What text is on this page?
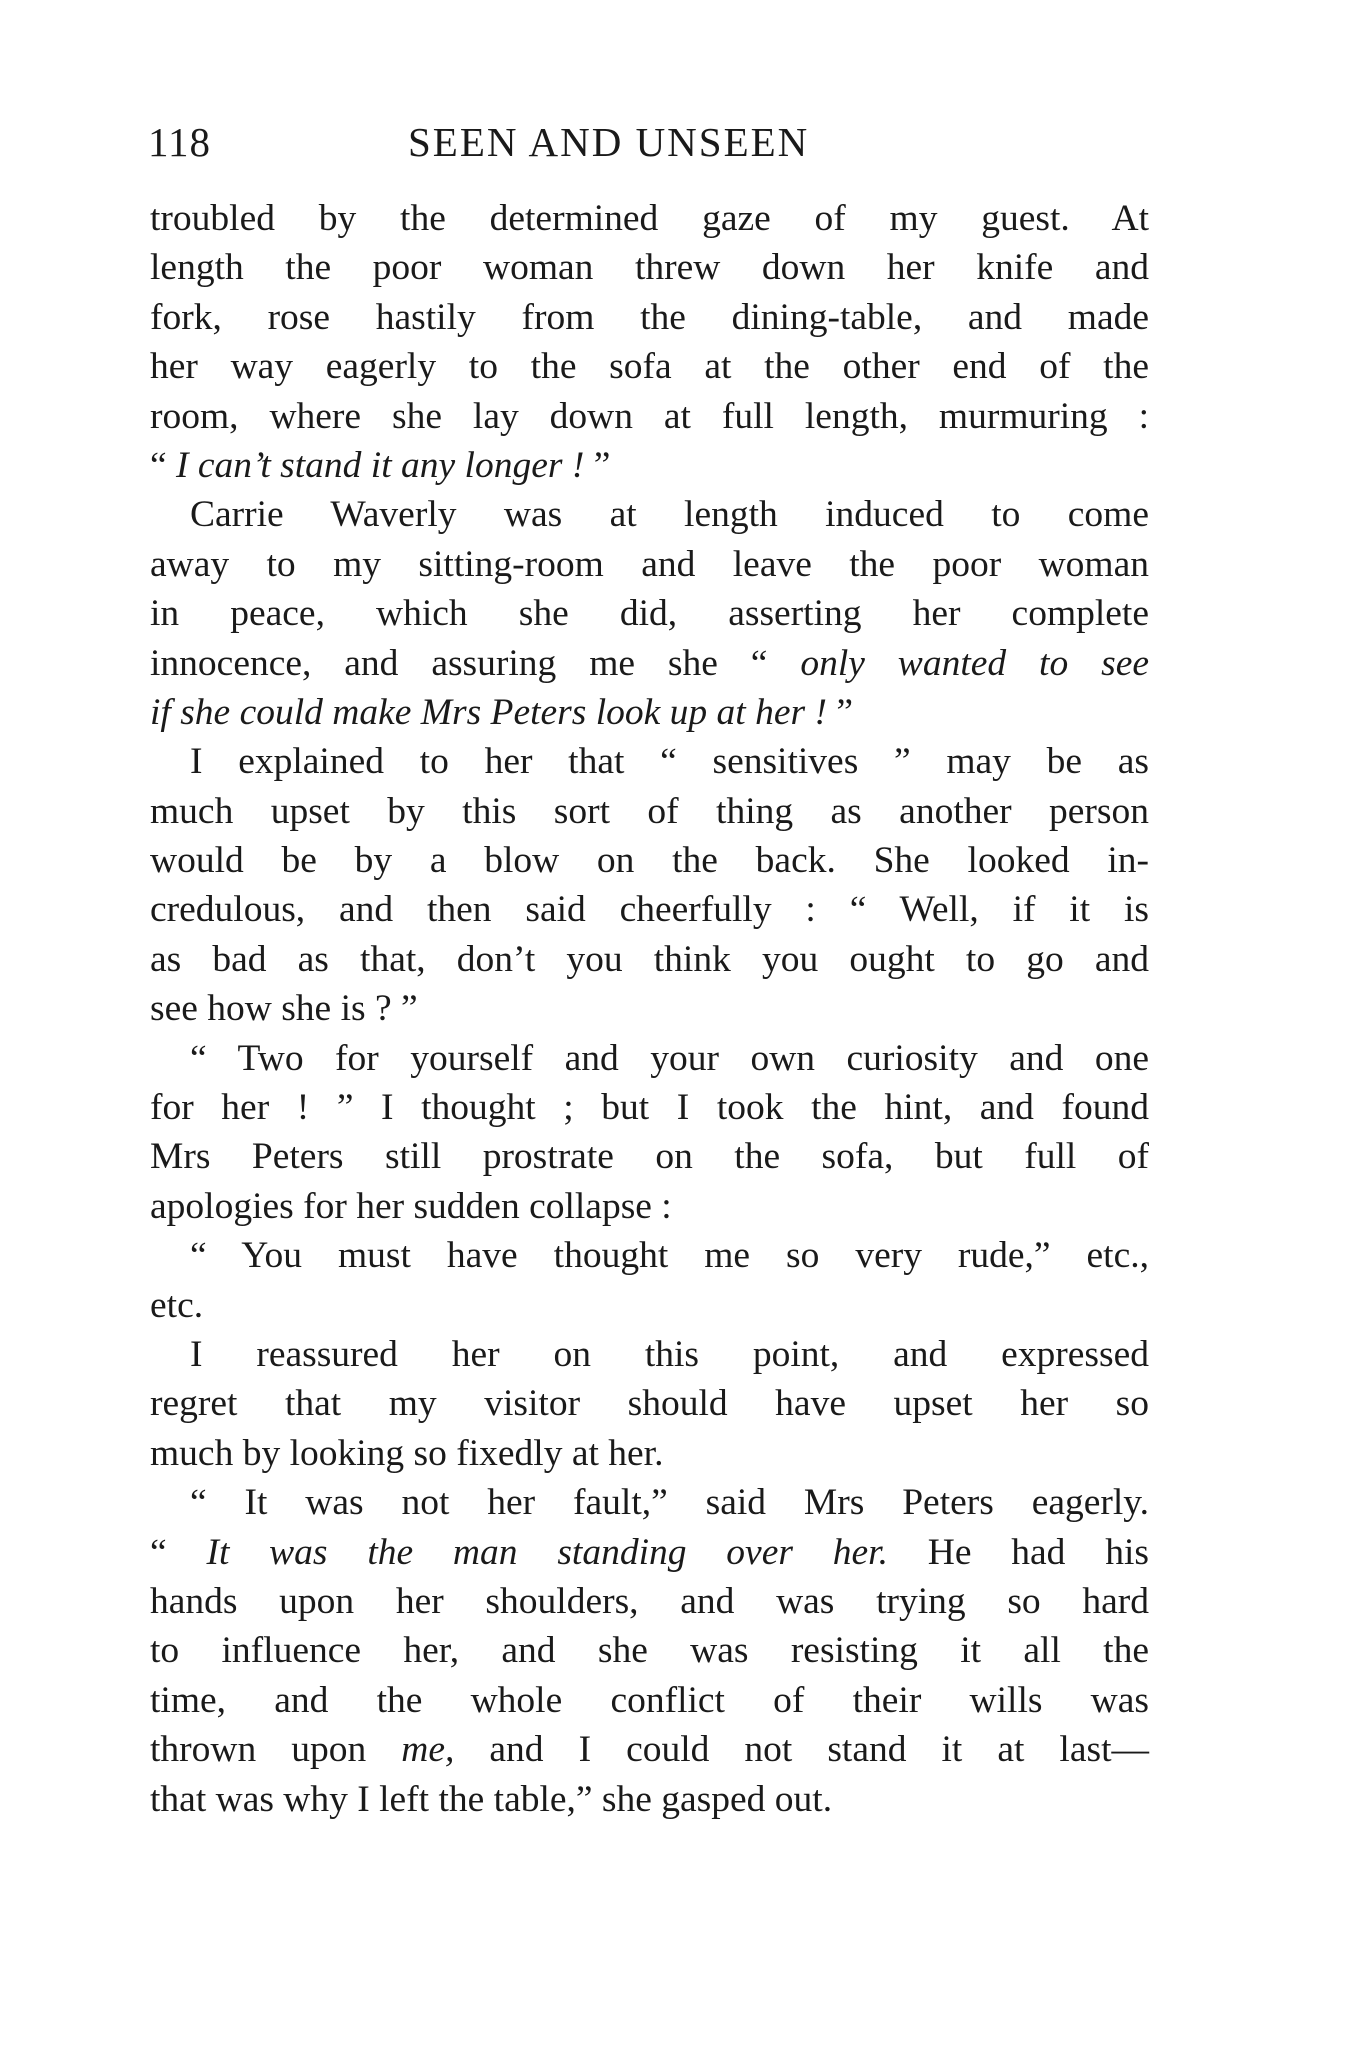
118	SEEN AND UNSEEN
troubled by the determined gaze of my guest. At
length the poor woman threw down her knife and
fork, rose hastily from the dining-table, and made
her way eagerly to the sofa at the other end of the
room, where she lay down at full length, murmuring :
“ I can’t stand it any longer ! ”
Carrie Waverly was at length induced to come
away to my sitting-room and leave the poor woman
in peace, which she did, asserting her complete
innocence, and assuring me she “ only wanted to see
if she could make Mrs Peters look up at her ! ”
I explained to her that “ sensitives ” may be as
much upset by this sort of thing as another person
would be by a blow on the back. She looked in-
credulous, and then said cheerfully : “ Well, if it is
as bad as that, don’t you think you ought to go and
see how she is ? ”
“ Two for yourself and your own curiosity and one
for her ! ” I thought ; but I took the hint, and found
Mrs Peters still prostrate on the sofa, but full of
apologies for her sudden collapse :
“ You must have thought me so very rude,” etc.,
etc.
I reassured her on this point, and expressed
regret that my visitor should have upset her so
much by looking so fixedly at her.
“ It was not her fault,” said Mrs Peters eagerly.
“ It was the man standing over her. He had his
hands upon her shoulders, and was trying so hard
to influence her, and she was resisting it all the
time, and the whole conflict of their wills was
thrown upon me, and I could not stand it at last—
that was why I left the table,” she gasped out.
